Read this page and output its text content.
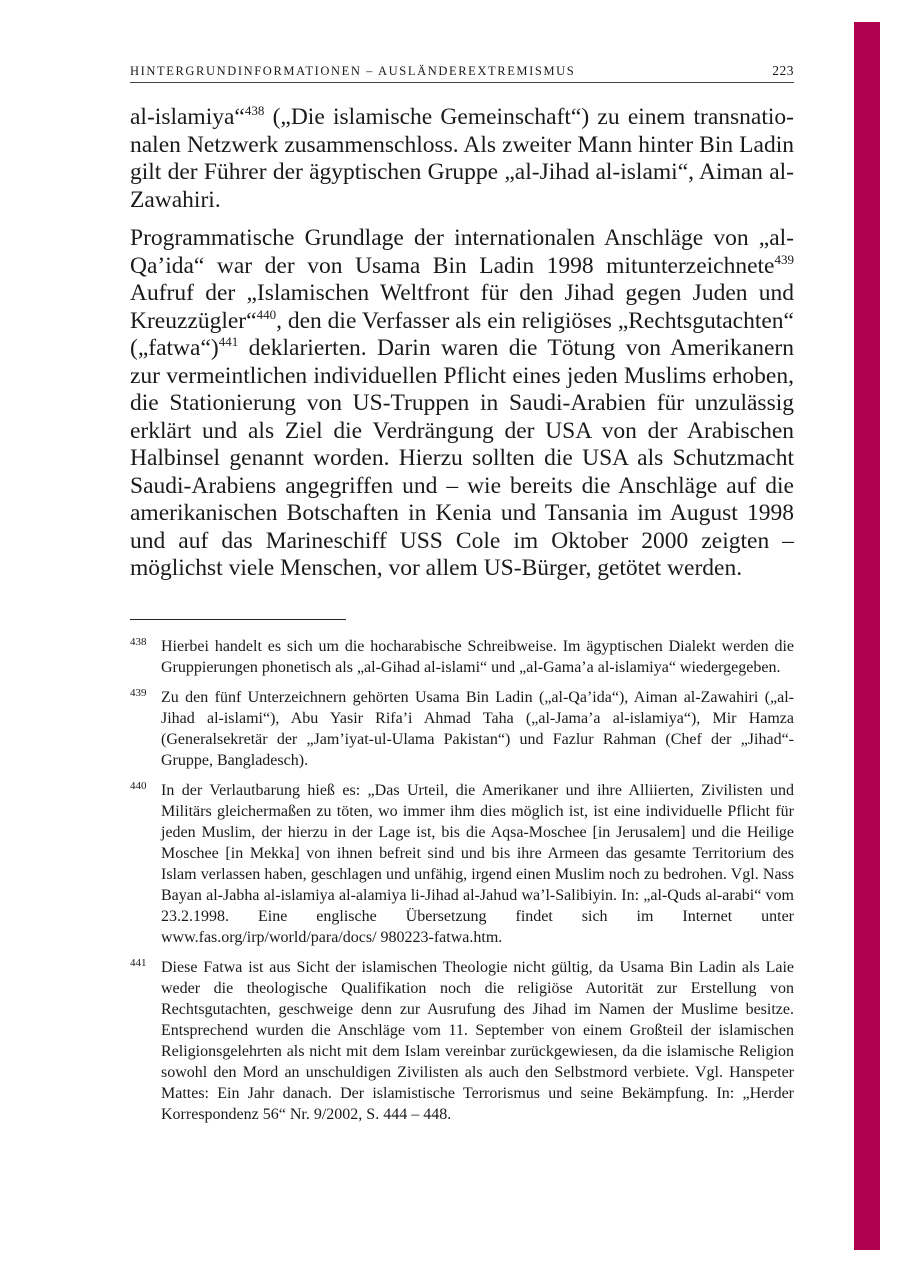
HINTERGRUNDINFORMATIONEN – AUSLÄNDEREXTREMISMUS	223

al-islamiya“$^{438}$ („Die islamische Gemeinschaft“) zu einem transnationalen Netzwerk zusammenschloss. Als zweiter Mann hinter Bin Ladin gilt der Führer der ägyptischen Gruppe „al-Jihad al-islami“, Aiman al-Zawahiri.

Programmatische Grundlage der internationalen Anschläge von „al-Qa’ida“ war der von Usama Bin Ladin 1998 mitunterzeichnete$^{439}$ Aufruf der „Islamischen Weltfront für den Jihad gegen Juden und Kreuzzügler“$^{440}$, den die Verfasser als ein religiöses „Rechtsgutachten“ („fatwa“)$^{441}$ deklarierten. Darin waren die Tötung von Amerikanern zur vermeintlichen individuellen Pflicht eines jeden Muslims erhoben, die Stationierung von US-Truppen in Saudi-Arabien für unzulässig erklärt und als Ziel die Verdrängung der USA von der Arabischen Halbinsel genannt worden. Hierzu sollten die USA als Schutzmacht Saudi-Arabiens angegriffen und – wie bereits die Anschläge auf die amerikanischen Botschaften in Kenia und Tansania im August 1998 und auf das Marineschiff USS Cole im Oktober 2000 zeigten – möglichst viele Menschen, vor allem US-Bürger, getötet werden.

438 Hierbei handelt es sich um die hocharabische Schreibweise. Im ägyptischen Dialekt werden die Gruppierungen phonetisch als „al-Gihad al-islami“ und „al-Gama’a al-islamiya“ wiedergegeben.
439 Zu den fünf Unterzeichnern gehörten Usama Bin Ladin („al-Qa’ida“), Aiman al-Zawahiri („al-Jihad al-islami“), Abu Yasir Rifa’i Ahmad Taha („al-Jama’a al-islamiya“), Mir Hamza (Generalsekretär der „Jam’iyat-ul-Ulama Pakistan“) und Fazlur Rahman (Chef der „Jihad“-Gruppe, Bangladesch).
440 In der Verlautbarung hieß es: „Das Urteil, die Amerikaner und ihre Alliierten, Zivilisten und Militärs gleichermaßen zu töten, wo immer ihm dies möglich ist, ist eine individuelle Pflicht für jeden Muslim, der hierzu in der Lage ist, bis die Aqsa-Moschee [in Jerusalem] und die Heilige Moschee [in Mekka] von ihnen befreit sind und bis ihre Armeen das gesamte Territorium des Islam verlassen haben, geschlagen und unfähig, irgend einen Muslim noch zu bedrohen. Vgl. Nass Bayan al-Jabha al-islamiya al-alamiya li-Jihad al-Jahud wa’l-Salibiyin. In: „al-Quds al-arabi“ vom 23.2.1998. Eine englische Übersetzung findet sich im Internet unter www.fas.org/irp/world/para/docs/ 980223-fatwa.htm.
441 Diese Fatwa ist aus Sicht der islamischen Theologie nicht gültig, da Usama Bin Ladin als Laie weder die theologische Qualifikation noch die religiöse Autorität zur Erstellung von Rechtsgutachten, geschweige denn zur Ausrufung des Jihad im Namen der Muslime besitze. Entsprechend wurden die Anschläge vom 11. September von einem Großteil der islamischen Religionsgelehrten als nicht mit dem Islam vereinbar zurückgewiesen, da die islamische Religion sowohl den Mord an unschuldigen Zivilisten als auch den Selbstmord verbiete. Vgl. Hanspeter Mattes: Ein Jahr danach. Der islamistische Terrorismus und seine Bekämpfung. In: „Herder Korrespondenz 56“ Nr. 9/2002, S. 444 – 448.
